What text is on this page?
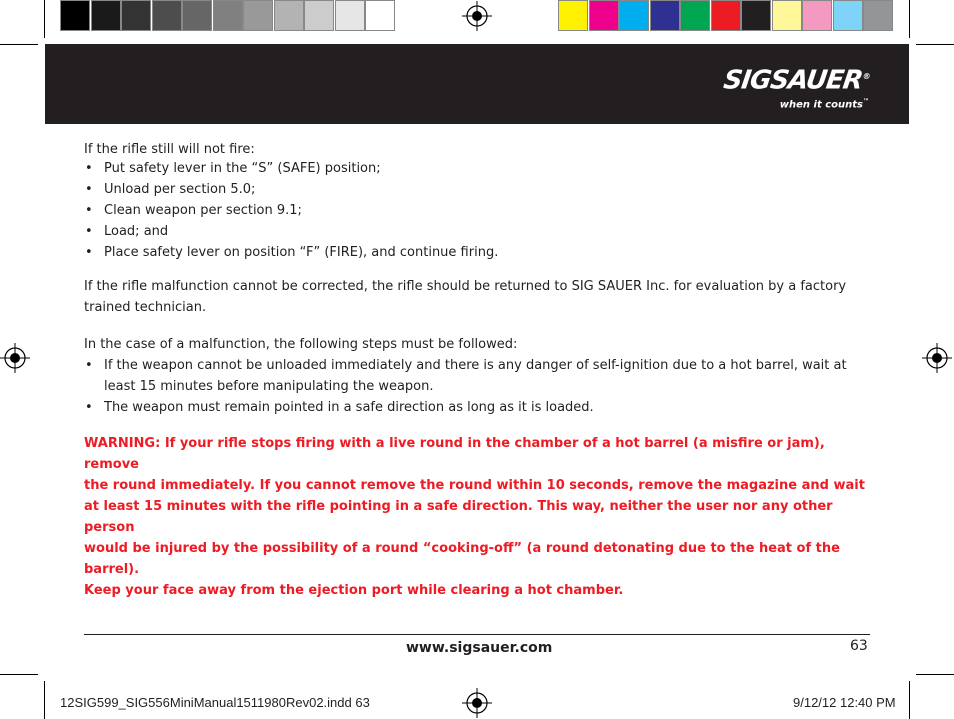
SIGSAUER®
when it counts™
If the rifle still will not fire:
• Put safety lever in the “S” (SAFE) position;
• Unload per section 5.0;
• Clean weapon per section 9.1;
• Load; and
• Place safety lever on position “F” (FIRE), and continue firing.
If the rifle malfunction cannot be corrected, the rifle should be returned to SIG SAUER Inc. for evaluation by a factory
trained technician.
In the case of a malfunction, the following steps must be followed:
• If the weapon cannot be unloaded immediately and there is any danger of self-ignition due to a hot barrel, wait at
least 15 minutes before manipulating the weapon.
• The weapon must remain pointed in a safe direction as long as it is loaded.
WARNING: If your rifle stops firing with a live round in the chamber of a hot barrel (a misfire or jam), remove
the round immediately. If you cannot remove the round within 10 seconds, remove the magazine and wait
at least 15 minutes with the rifle pointing in a safe direction. This way, neither the user nor any other person
would be injured by the possibility of a round “cooking-off” (a round detonating due to the heat of the barrel).
Keep your face away from the ejection port while clearing a hot chamber.
www.sigsauer.com	63
12SIG599_SIG556MiniManual1511980Rev02.indd 63	9/12/12 12:40 PM
